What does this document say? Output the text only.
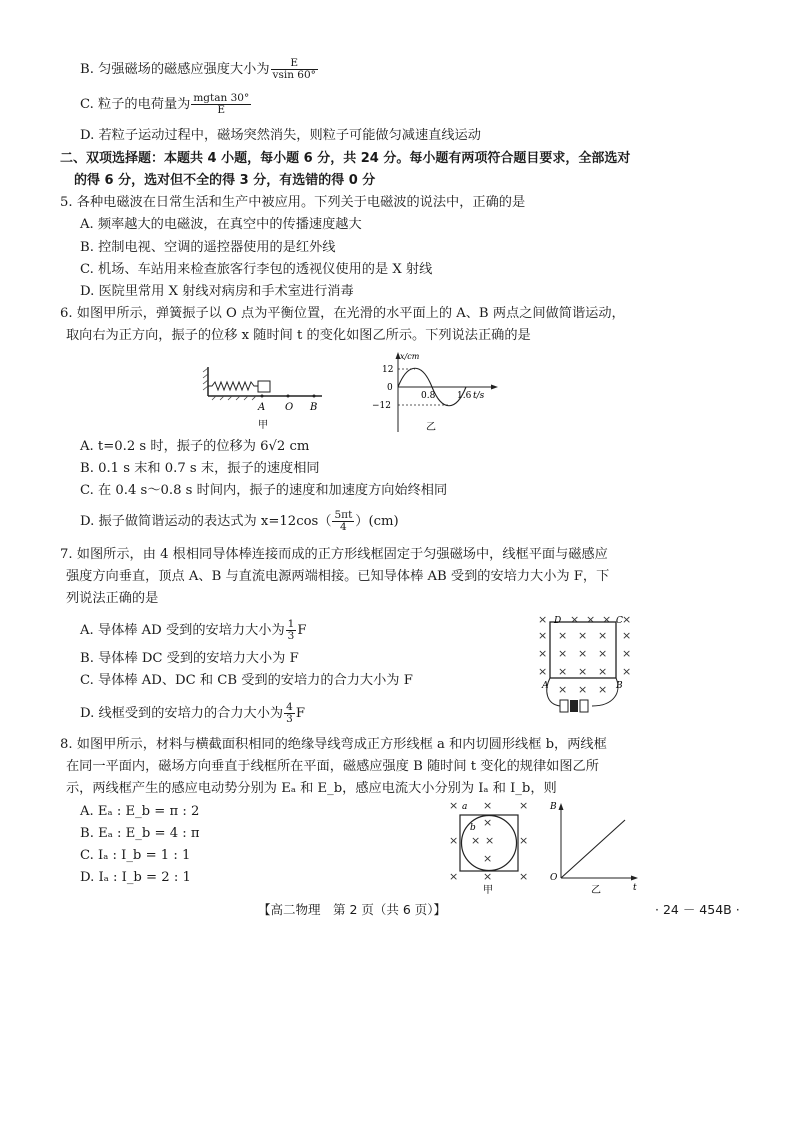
B. 匀强磁场的磁感应强度大小为 $\frac{E}{vsin 60^\circ}$
C. 粒子的电荷量为 $\frac{mgtan 30^\circ}{E}$
D. 若粒子运动过程中，磁场突然消失，则粒子可能做匀减速直线运动
二、双项选择题：本题共 4 小题，每小题 6 分，共 24 分。每小题有两项符合题目要求，全部选对
的得 6 分，选对但不全的得 3 分，有选错的得 0 分
5. 各种电磁波在日常生活和生产中被应用。下列关于电磁波的说法中，正确的是
A. 频率越大的电磁波，在真空中的传播速度越大
B. 控制电视、空调的遥控器使用的是红外线
C. 机场、车站用来检查旅客行李包的透视仪使用的是 X 射线
D. 医院里常用 X 射线对病房和手术室进行消毒
6. 如图甲所示，弹簧振子以 O 点为平衡位置，在光滑的水平面上的 A、B 两点之间做简谐运动，
取向右为正方向，振子的位移 x 随时间 t 的变化如图乙所示。下列说法正确的是
A O B
甲
x/cm
12
0
−12
0.8 1.6 t/s
乙
A. t=0.2 s 时，振子的位移为 6√2 cm
B. 0.1 s 末和 0.7 s 末，振子的速度相同
C. 在 0.4 s～0.8 s 时间内，振子的速度和加速度方向始终相同
D. 振子做简谐运动的表达式为 $x=12\cos( \frac{5\pi t}{4} )(cm)$
7. 如图所示，由 4 根相同导体棒连接而成的正方形线框固定于匀强磁场中，线框平面与磁感应
强度方向垂直，顶点 A、B 与直流电源两端相接。已知导体棒 AB 受到的安培力大小为 F，下
列说法正确的是
A. 导体棒 AD 受到的安培力大小为 $\frac{1}{3}$ F
B. 导体棒 DC 受到的安培力大小为 F
C. 导体棒 AD、DC 和 CB 受到的安培力的合力大小为 F
D. 线框受到的安培力的合力大小为 $\frac{4}{3}$ F
× × × × ×
× × × × ×
× × × × ×
× × × × ×
× × ×
D	C
A	B
8. 如图甲所示，材料与横截面积相同的绝缘导线弯成正方形线框 a 和内切圆形线框 b，两线框
在同一平面内，磁场方向垂直于线框所在平面，磁感应强度 B 随时间 t 变化的规律如图乙所
示，两线框产生的感应电动势分别为 Eₐ 和 E_b，感应电流大小分别为 Iₐ 和 I_b，则
A. Eₐ : E_b = π : 2
B. Eₐ : E_b = 4 : π
C. Iₐ : I_b = 1 : 1
D. Iₐ : I_b = 2 : 1
× × ×
× × × ×
× × ×
×
×
a
b
甲
B
O
t
乙
【高二物理　第 2 页（共 6 页）】	· 24 － 454B ·
